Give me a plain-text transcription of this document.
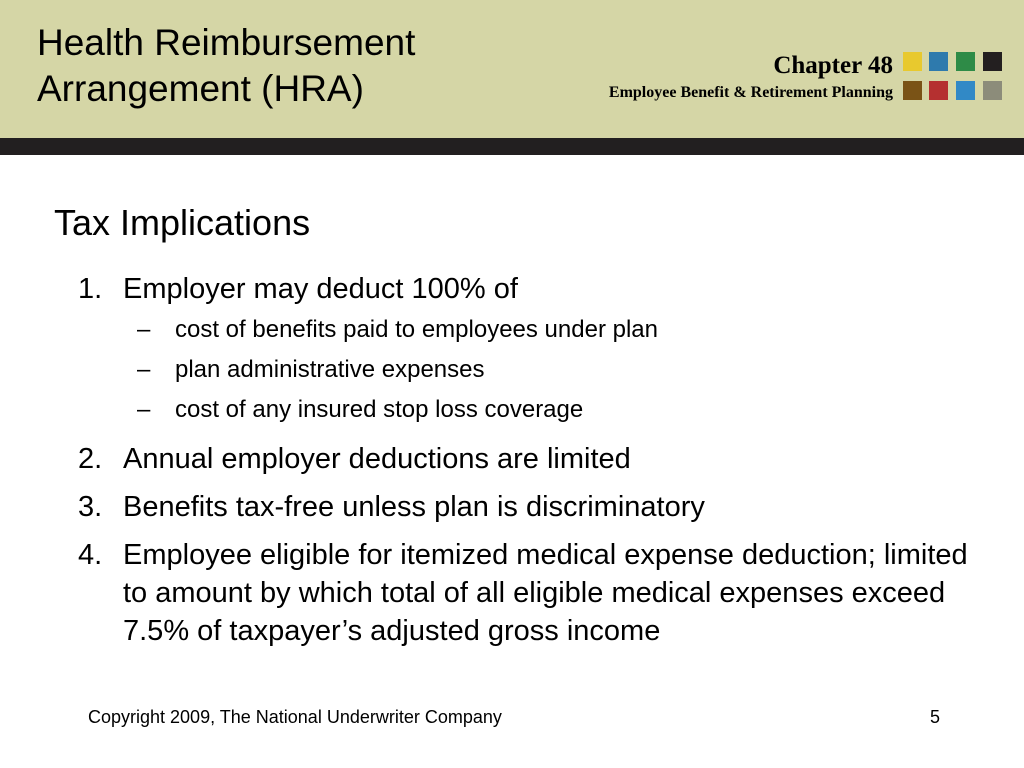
Health Reimbursement
Arrangement (HRA)
Chapter 48
Employee Benefit & Retirement Planning
Tax Implications
1. Employer may deduct 100% of
– cost of benefits paid to employees under plan
– plan administrative expenses
– cost of any insured stop loss coverage
2. Annual employer deductions are limited
3. Benefits tax-free unless plan is discriminatory
4. Employee eligible for itemized medical expense deduction; limited to amount by which total of all eligible medical expenses exceed 7.5% of taxpayer’s adjusted gross income
Copyright 2009, The National Underwriter Company	5
